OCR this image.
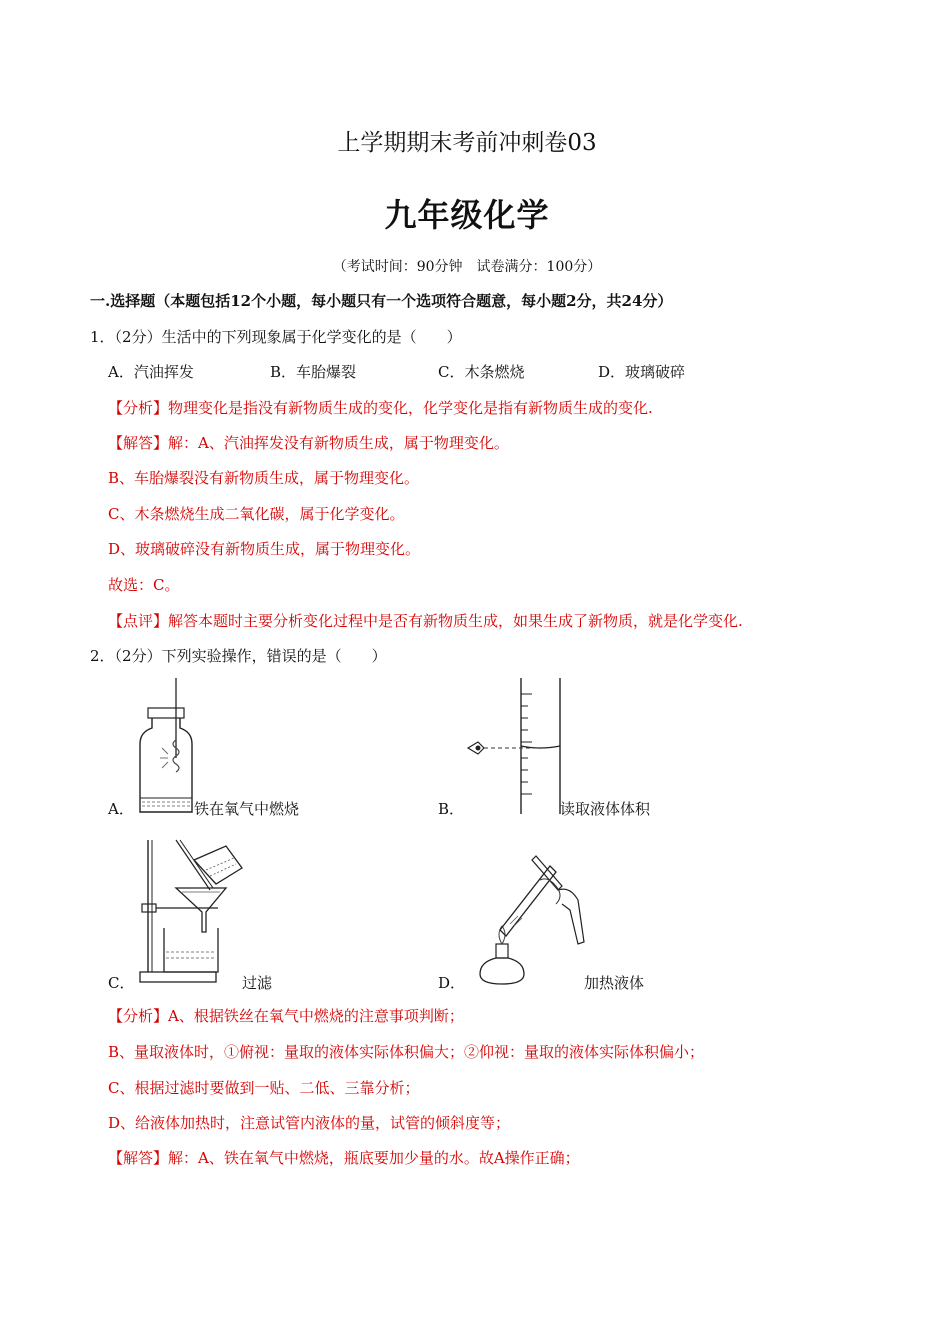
上学期期末考前冲刺卷03
九年级化学
（考试时间：90分钟　试卷满分：100分）
一.选择题（本题包括12个小题，每小题只有一个选项符合题意，每小题2分，共24分）
1．（2分）生活中的下列现象属于化学变化的是（　　）
A．汽油挥发	B．车胎爆裂	C．木条燃烧	D．玻璃破碎
【分析】物理变化是指没有新物质生成的变化，化学变化是指有新物质生成的变化.
【解答】解：A、汽油挥发没有新物质生成，属于物理变化。
B、车胎爆裂没有新物质生成，属于物理变化。
C、木条燃烧生成二氧化碳，属于化学变化。
D、玻璃破碎没有新物质生成，属于物理变化。
故选：C。
【点评】解答本题时主要分析变化过程中是否有新物质生成，如果生成了新物质，就是化学变化.
2．（2分）下列实验操作，错误的是（　　）
A．	铁在氧气中燃烧	B．	读取液体体积
C．	过滤	D．	加热液体
【分析】A、根据铁丝在氧气中燃烧的注意事项判断；
B、量取液体时，①俯视：量取的液体实际体积偏大；②仰视：量取的液体实际体积偏小；
C、根据过滤时要做到一贴、二低、三靠分析；
D、给液体加热时，注意试管内液体的量，试管的倾斜度等；
【解答】解：A、铁在氧气中燃烧，瓶底要加少量的水。故A操作正确；
